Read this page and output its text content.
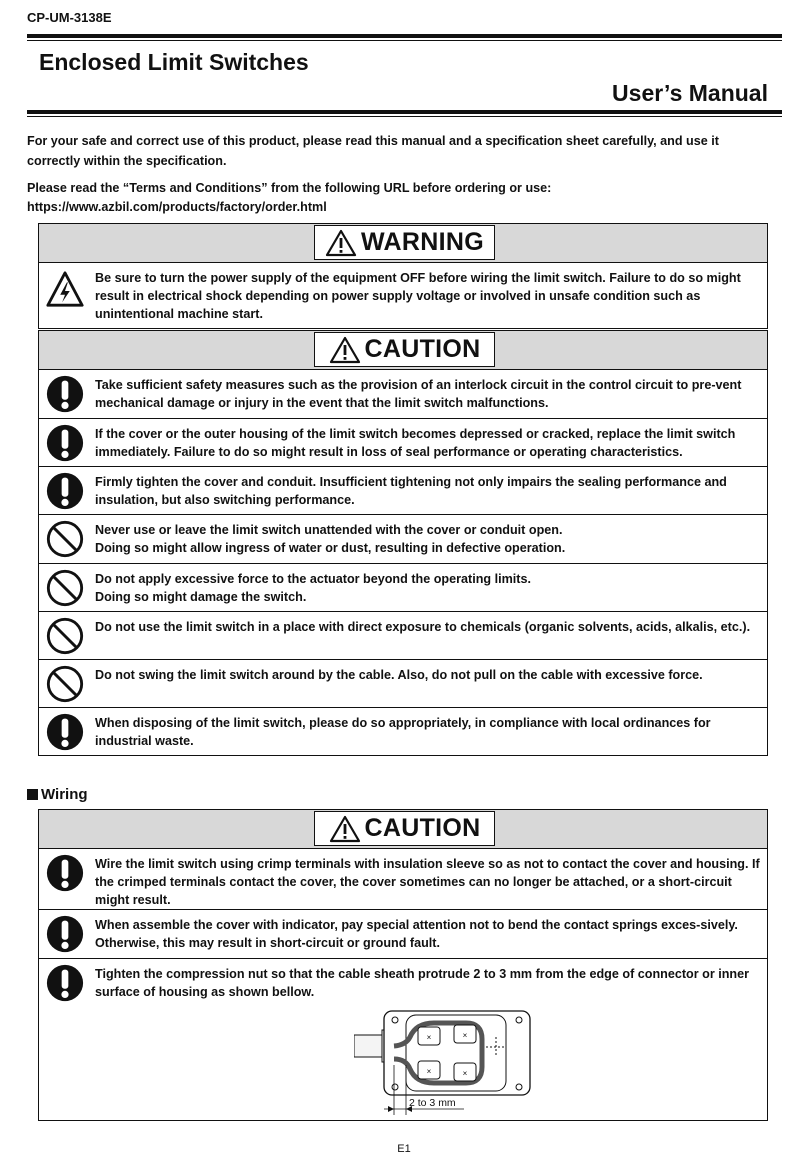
CP-UM-3138E
Enclosed Limit Switches
User’s Manual

For your safe and correct use of this product, please read this manual and a specification sheet carefully, and use it correctly within the specification.

Please read the “Terms and Conditions” from the following URL before ordering or use:

https://www.azbil.com/products/factory/order.html

WARNING

Be sure to turn the power supply of the equipment OFF before wiring the limit switch. Failure to do so might result in electrical shock depending on power supply voltage or involved in unsafe condition such as unintentional machine start.

CAUTION

Take sufficient safety measures such as the provision of an interlock circuit in the control circuit to pre-vent mechanical damage or injury in the event that the limit switch malfunctions.

If the cover or the outer housing of the limit switch becomes depressed or cracked, replace the limit switch immediately. Failure to do so might result in loss of seal performance or operating characteristics.

Firmly tighten the cover and conduit. Insufficient tightening not only impairs the sealing performance and insulation, but also switching performance.

Never use or leave the limit switch unattended with the cover or conduit open.
Doing so might allow ingress of water or dust, resulting in defective operation.

Do not apply excessive force to the actuator beyond the operating limits.
Doing so might damage the switch.

Do not use the limit switch in a place with direct exposure to chemicals (organic solvents, acids, alkalis, etc.).

Do not swing the limit switch around by the cable. Also, do not pull on the cable with excessive force.

When disposing of the limit switch, please do so appropriately, in compliance with local ordinances for industrial waste.

Wiring
CAUTION

Wire the limit switch using crimp terminals with insulation sleeve so as not to contact the cover and housing. If the crimped terminals contact the cover, the cover sometimes can no longer be attached, or a short-circuit might result.

When assemble the cover with indicator, pay special attention not to bend the contact springs exces-sively. Otherwise, this may result in short-circuit or ground fault.

Tighten the compression nut so that the cable sheath protrude 2 to 3 mm from the edge of connector or inner surface of housing as shown bellow.

×	×
×	×
2 to 3 mm
E1
